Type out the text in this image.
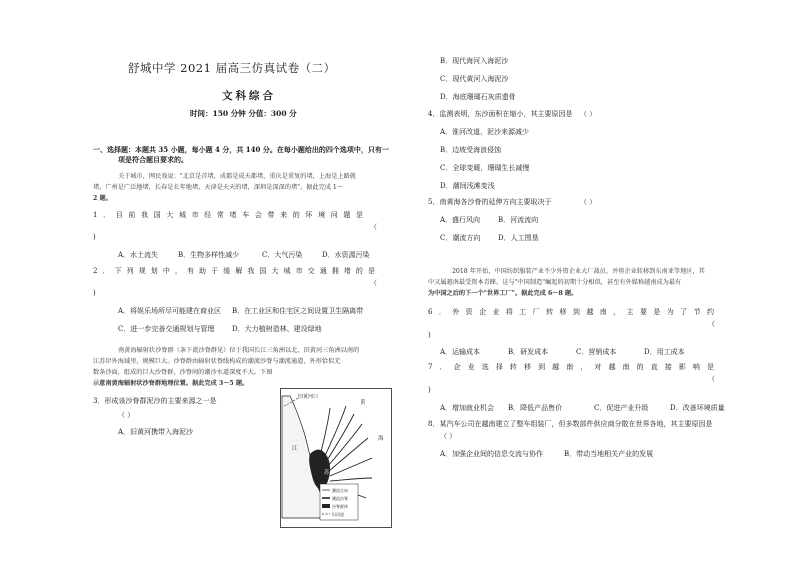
舒城中学 2021 届高三仿真试卷（二）
文科综合
时间：150 分钟 分值：300 分
一、选择题：本题共 35 小题，每小题 4 分，共 140 分。在每小题给出的四个选项中，只有一
项是符合题目要求的。
关于城市，网民戏说："北京是首堵，成都是成天都堵，重庆是重复的堵，上海是上路就
堵，广州是广泛地堵，长春是长年地堵，天津是天天的堵，深圳是深深的堵"。据此完成 1～
2 题。
1．目前我国大城市经常堵车会带来的环境问题是
（
)
A．水土流失	B．生物多样性减少	C．大气污染	D．水资源污染
2．下列规划中，有助于缓解我国大城市交通拥堵的是
（
)
A．将娱乐场所尽可能建在商业区 B．在工业区和住宅区之间设置卫生隔离带
C．进一步完善交通规划与管理	D．大力植树造林、建设绿地
南黄海辐射状沙脊群（条下流沙脊群见）位于我国长江三角洲以北、旧黄河三角洲以南的
江苏岸外海域里，规模巨大。沙脊群由辐射状脊线构成的潮流沙脊与潮流通道，外形恰似无
数条沙面，组成的巨大沙脊群，沙脊间的潮沙水道深度不大。下图
示意南黄海辐射状沙脊群地理位置。据此完成 3～5 题。
3．形成该沙脊群泥沙的主要来源之一是
（ ）
A．旧黄河携带入海泥沙
潮流方向
潮流沙脊
沙脊群体
旧河道
旧黄河口
黄
海
江
苏
B．现代海河入海泥沙
C．现代黄河入海泥沙
D．海底珊瑚石灰质遗骨
4．监测表明，东沙面积在缩小，其主要原因是 （ ）
A．淮河改道，泥沙来源减少
B．边坡受海浪侵蚀
C．全球变暖，珊瑚生长减慢
D．潮间浅滩变浅
5．南黄海各沙脊的延伸方向主要取决于	（ ）
A．盛行风向	B．河流流向
C．潮流方向	D．人工围垦
2018 年开始，中国纺织服装产业不少外资企业大厂裁员，并将企业转移到东南亚等地区，其
中又属越南最受资本青睐。这与"中国制造"崛起的初期十分相似，甚至有外媒称越南成为最有
为中国之后的下一个"世界工厂"。据此完成 6～8 题。
6．外资企业将工厂转移到越南，主要是为了节约
（
)
A．运输成本	B．研发成本	C．营销成本	D．用工成本
7．企业选择转移到越南，对越南的直接影响是
（
)
A．增加就业机会 B．降低产品售价	C．促进产业升级	D．改善环境质量
8．某汽车公司在越南建立了整车组装厂，但多数部件供应商分散在世界各地，其主要原因是
（ ）
A．加强企业间的信息交流与协作	B．带动当地相关产业的发展
